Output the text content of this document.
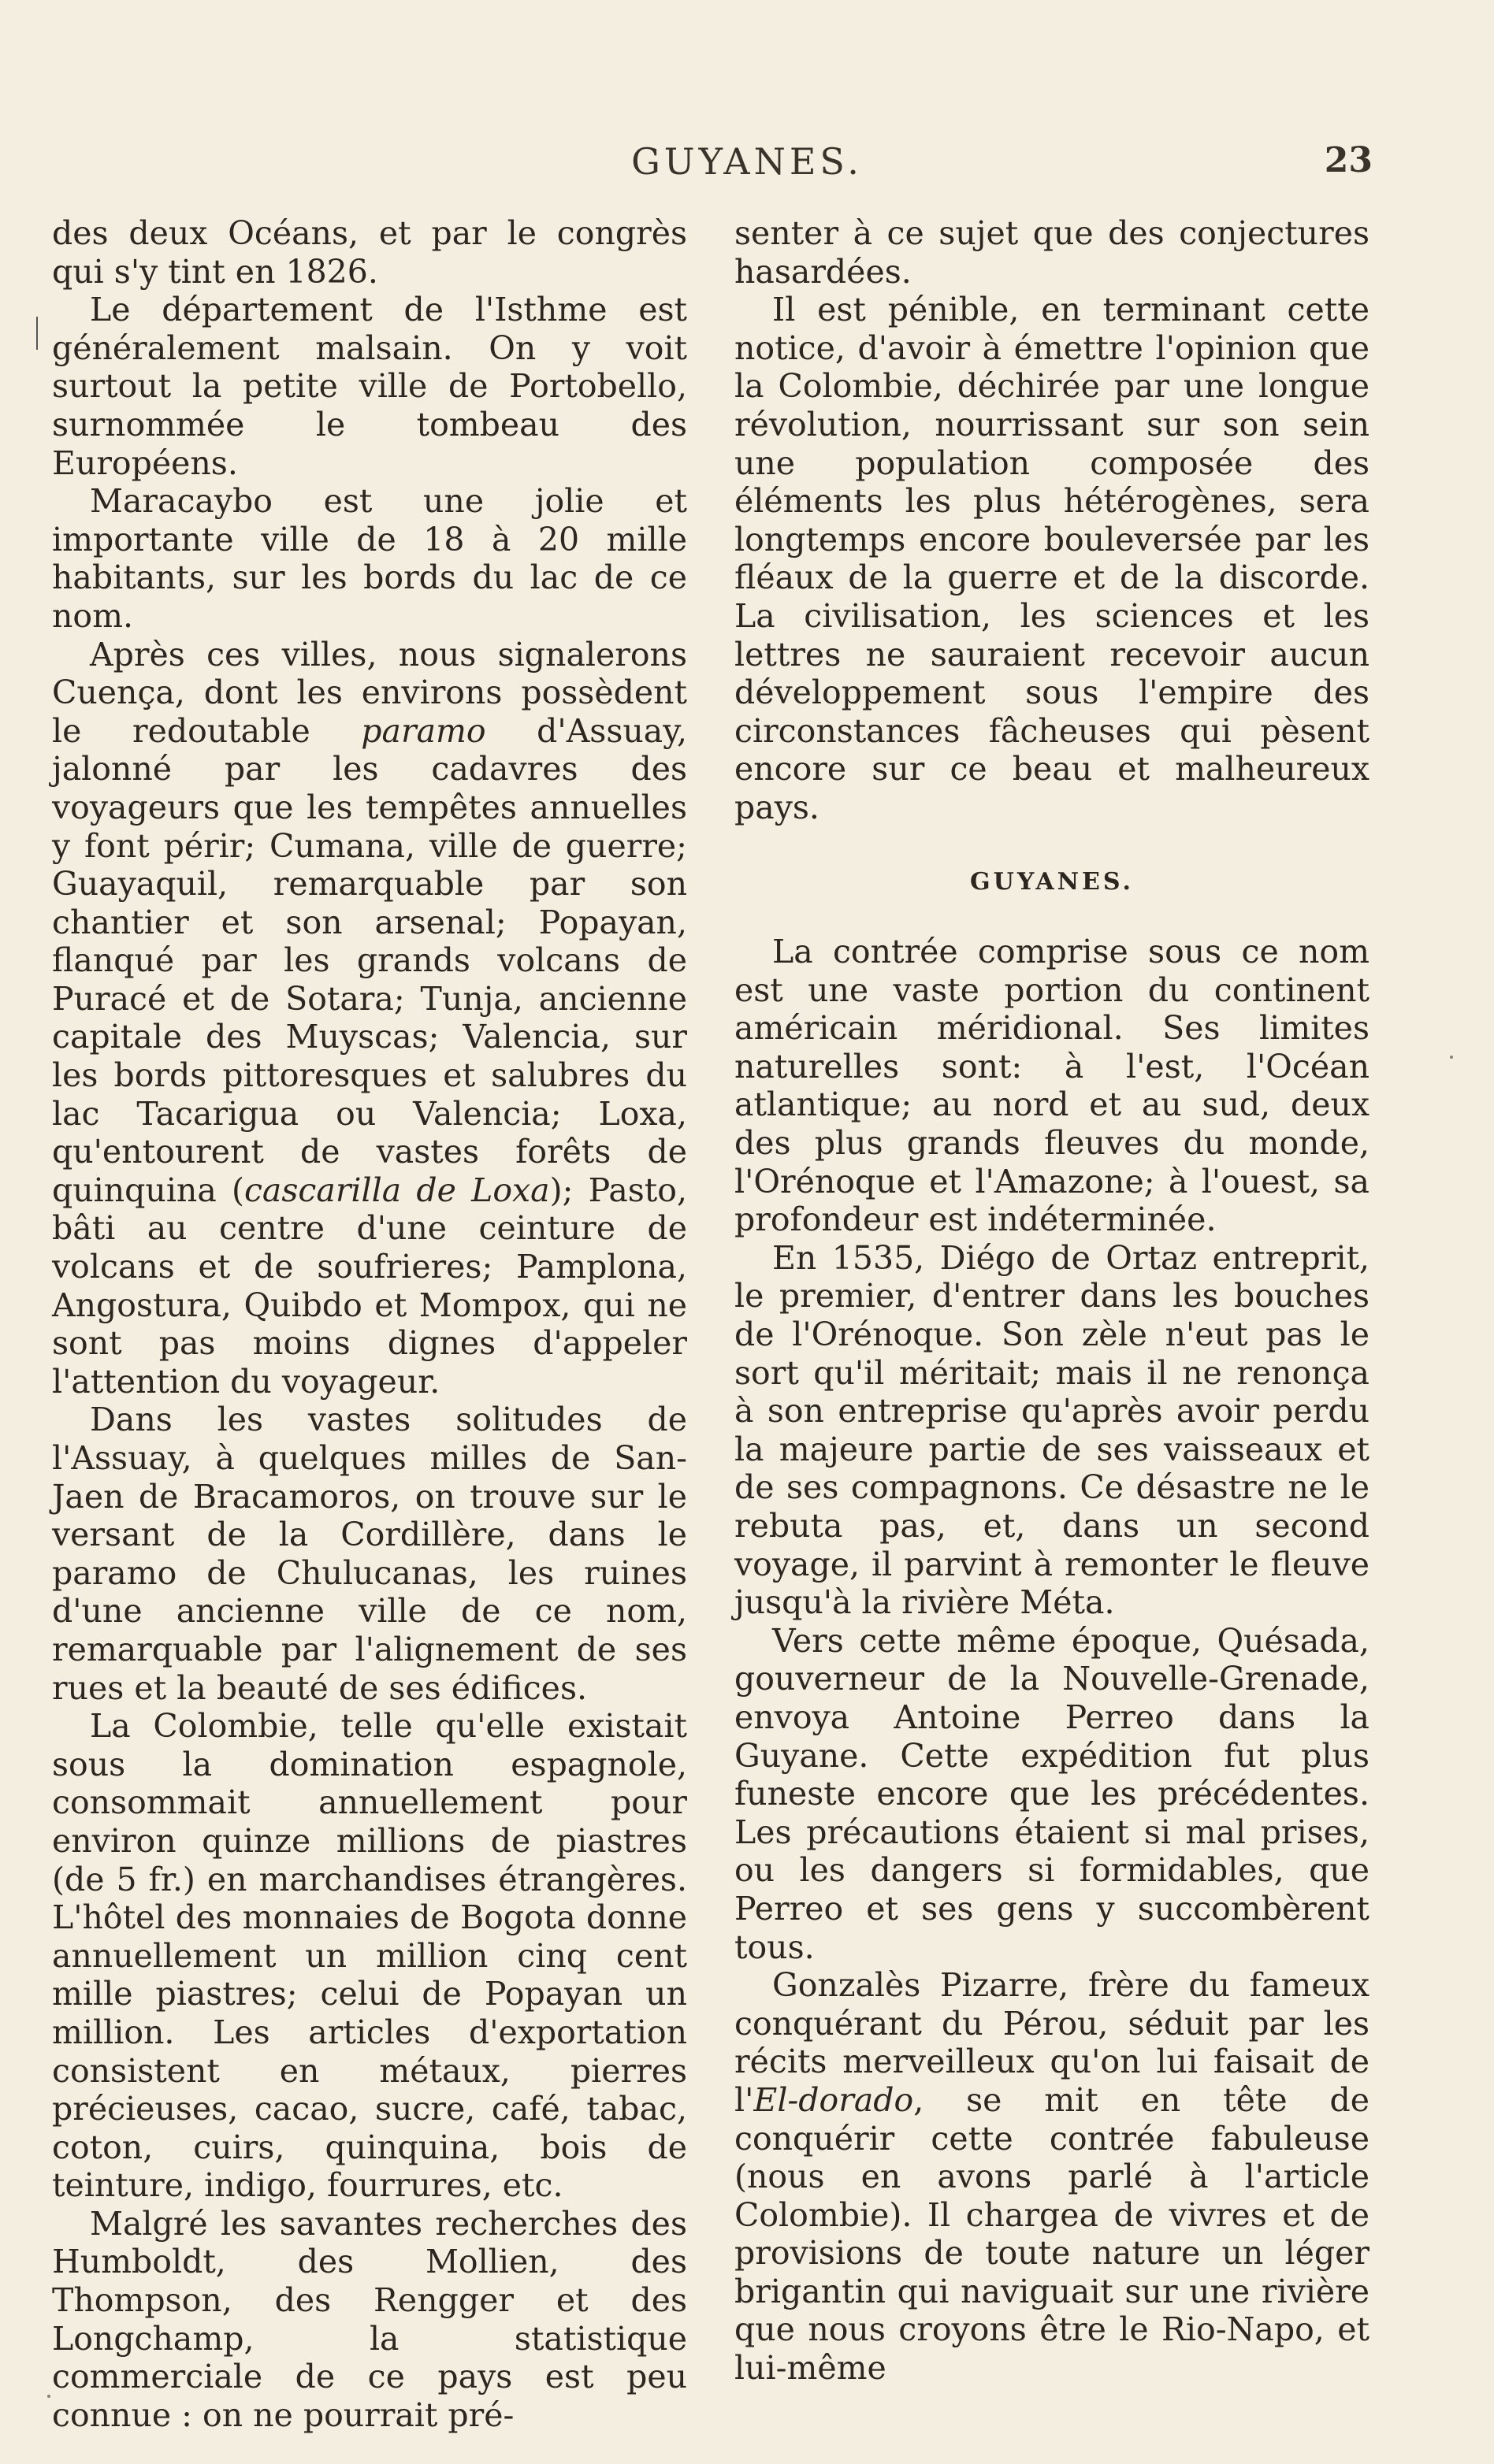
GUYANES.	23

des deux Océans, et par le congrès qui s'y tint en 1826.

Le département de l'Isthme est généralement malsain. On y voit surtout la petite ville de Portobello, surnommée le tombeau des Européens.

Maracaybo est une jolie et importante ville de 18 à 20 mille habitants, sur les bords du lac de ce nom.

Après ces villes, nous signalerons Cuença, dont les environs possèdent le redoutable paramo d'Assuay, jalonné par les cadavres des voyageurs que les tempêtes annuelles y font périr; Cumana, ville de guerre; Guayaquil, remarquable par son chantier et son arsenal; Popayan, flanqué par les grands volcans de Puracé et de Sotara; Tunja, ancienne capitale des Muyscas; Valencia, sur les bords pittoresques et salubres du lac Tacarigua ou Valencia; Loxa, qu'entourent de vastes forêts de quinquina (cascarilla de Loxa); Pasto, bâti au centre d'une ceinture de volcans et de soufrieres; Pamplona, Angostura, Quibdo et Mompox, qui ne sont pas moins dignes d'appeler l'attention du voyageur.

Dans les vastes solitudes de l'Assuay, à quelques milles de San-Jaen de Bracamoros, on trouve sur le versant de la Cordillère, dans le paramo de Chulucanas, les ruines d'une ancienne ville de ce nom, remarquable par l'alignement de ses rues et la beauté de ses édifices.

La Colombie, telle qu'elle existait sous la domination espagnole, consommait annuellement pour environ quinze millions de piastres (de 5 fr.) en marchandises étrangères. L'hôtel des monnaies de Bogota donne annuellement un million cinq cent mille piastres; celui de Popayan un million. Les articles d'exportation consistent en métaux, pierres précieuses, cacao, sucre, café, tabac, coton, cuirs, quinquina, bois de teinture, indigo, fourrures, etc.

Malgré les savantes recherches des Humboldt, des Mollien, des Thompson, des Rengger et des Longchamp, la statistique commerciale de ce pays est peu connue : on ne pourrait pré-

senter à ce sujet que des conjectures hasardées.

Il est pénible, en terminant cette notice, d'avoir à émettre l'opinion que la Colombie, déchirée par une longue révolution, nourrissant sur son sein une population composée des éléments les plus hétérogènes, sera longtemps encore bouleversée par les fléaux de la guerre et de la discorde. La civilisation, les sciences et les lettres ne sauraient recevoir aucun développement sous l'empire des circonstances fâcheuses qui pèsent encore sur ce beau et malheureux pays.

GUYANES.

La contrée comprise sous ce nom est une vaste portion du continent américain méridional. Ses limites naturelles sont: à l'est, l'Océan atlantique; au nord et au sud, deux des plus grands fleuves du monde, l'Orénoque et l'Amazone; à l'ouest, sa profondeur est indéterminée.

En 1535, Diégo de Ortaz entreprit, le premier, d'entrer dans les bouches de l'Orénoque. Son zèle n'eut pas le sort qu'il méritait; mais il ne renonça à son entreprise qu'après avoir perdu la majeure partie de ses vaisseaux et de ses compagnons. Ce désastre ne le rebuta pas, et, dans un second voyage, il parvint à remonter le fleuve jusqu'à la rivière Méta.

Vers cette même époque, Quésada, gouverneur de la Nouvelle-Grenade, envoya Antoine Perreo dans la Guyane. Cette expédition fut plus funeste encore que les précédentes. Les précautions étaient si mal prises, ou les dangers si formidables, que Perreo et ses gens y succombèrent tous.

Gonzalès Pizarre, frère du fameux conquérant du Pérou, séduit par les récits merveilleux qu'on lui faisait de l'El-dorado, se mit en tête de conquérir cette contrée fabuleuse (nous en avons parlé à l'article Colombie). Il chargea de vivres et de provisions de toute nature un léger brigantin qui naviguait sur une rivière que nous croyons être le Rio-Napo, et lui-même
